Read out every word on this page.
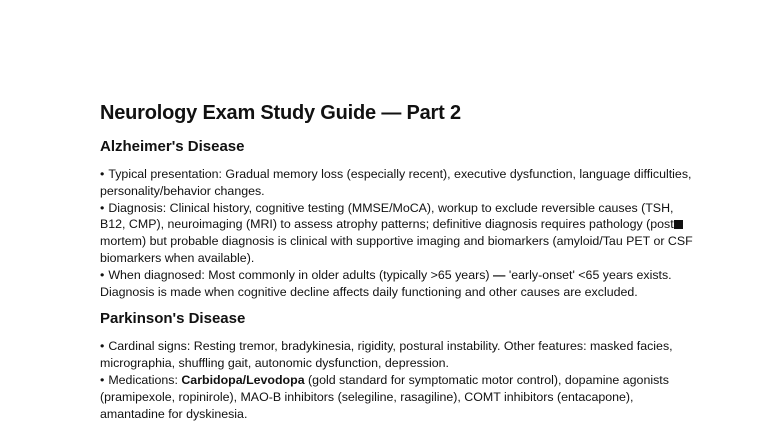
Neurology Exam Study Guide — Part 2
Alzheimer's Disease
• Typical presentation: Gradual memory loss (especially recent), executive dysfunction, language difficulties, personality/behavior changes.
• Diagnosis: Clinical history, cognitive testing (MMSE/MoCA), workup to exclude reversible causes (TSH, B12, CMP), neuroimaging (MRI) to assess atrophy patterns; definitive diagnosis requires pathology (postmortem) but probable diagnosis is clinical with supportive imaging and biomarkers (amyloid/Tau PET or CSF biomarkers when available).
• When diagnosed: Most commonly in older adults (typically >65 years) — 'early-onset' <65 years exists. Diagnosis is made when cognitive decline affects daily functioning and other causes are excluded.
Parkinson's Disease
• Cardinal signs: Resting tremor, bradykinesia, rigidity, postural instability. Other features: masked facies, micrographia, shuffling gait, autonomic dysfunction, depression.
• Medications: Carbidopa/Levodopa (gold standard for symptomatic motor control), dopamine agonists (pramipexole, ropinirole), MAO-B inhibitors (selegiline, rasagiline), COMT inhibitors (entacapone), amantadine for dyskinesia.
